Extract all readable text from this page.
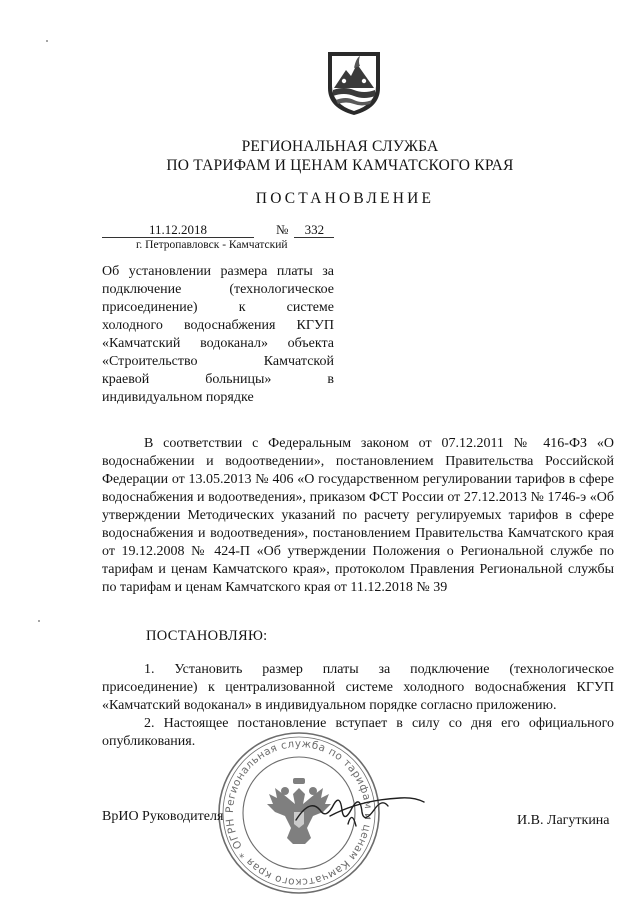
РЕГИОНАЛЬНАЯ СЛУЖБА
ПО ТАРИФАМ И ЦЕНАМ КАМЧАТСКОГО КРАЯ
ПОСТАНОВЛЕНИЕ
11.12.2018	№ 332
г. Петропавловск - Камчатский
Об установлении размера платы за
подключение (технологическое
присоединение) к системе
холодного водоснабжения КГУП
«Камчатский водоканал» объекта
«Строительство Камчатской
краевой больницы» в
индивидуальном порядке
В соответствии с Федеральным законом от 07.12.2011 № 416-ФЗ «О водоснабжении и водоотведении», постановлением Правительства Российской Федерации от 13.05.2013 № 406 «О государственном регулировании тарифов в сфере водоснабжения и водоотведения», приказом ФСТ России от 27.12.2013 № 1746-э «Об утверждении Методических указаний по расчету регулируемых тарифов в сфере водоснабжения и водоотведения», постановлением Правительства Камчатского края от 19.12.2008 № 424-П «Об утверждении Положения о Региональной службе по тарифам и ценам Камчатского края», протоколом Правления Региональной службы по тарифам и ценам Камчатского края от 11.12.2018 № 39
ПОСТАНОВЛЯЮ:
1. Установить размер платы за подключение (технологическое присоединение) к централизованной системе холодного водоснабжения КГУП «Камчатский водоканал» в индивидуальном порядке согласно приложению.
2. Настоящее постановление вступает в силу со дня его официального опубликования.
Региональная служба по тарифам и ценам Камчатского края * ОГРН
ВрИО Руководителя	И.В. Лагуткина
